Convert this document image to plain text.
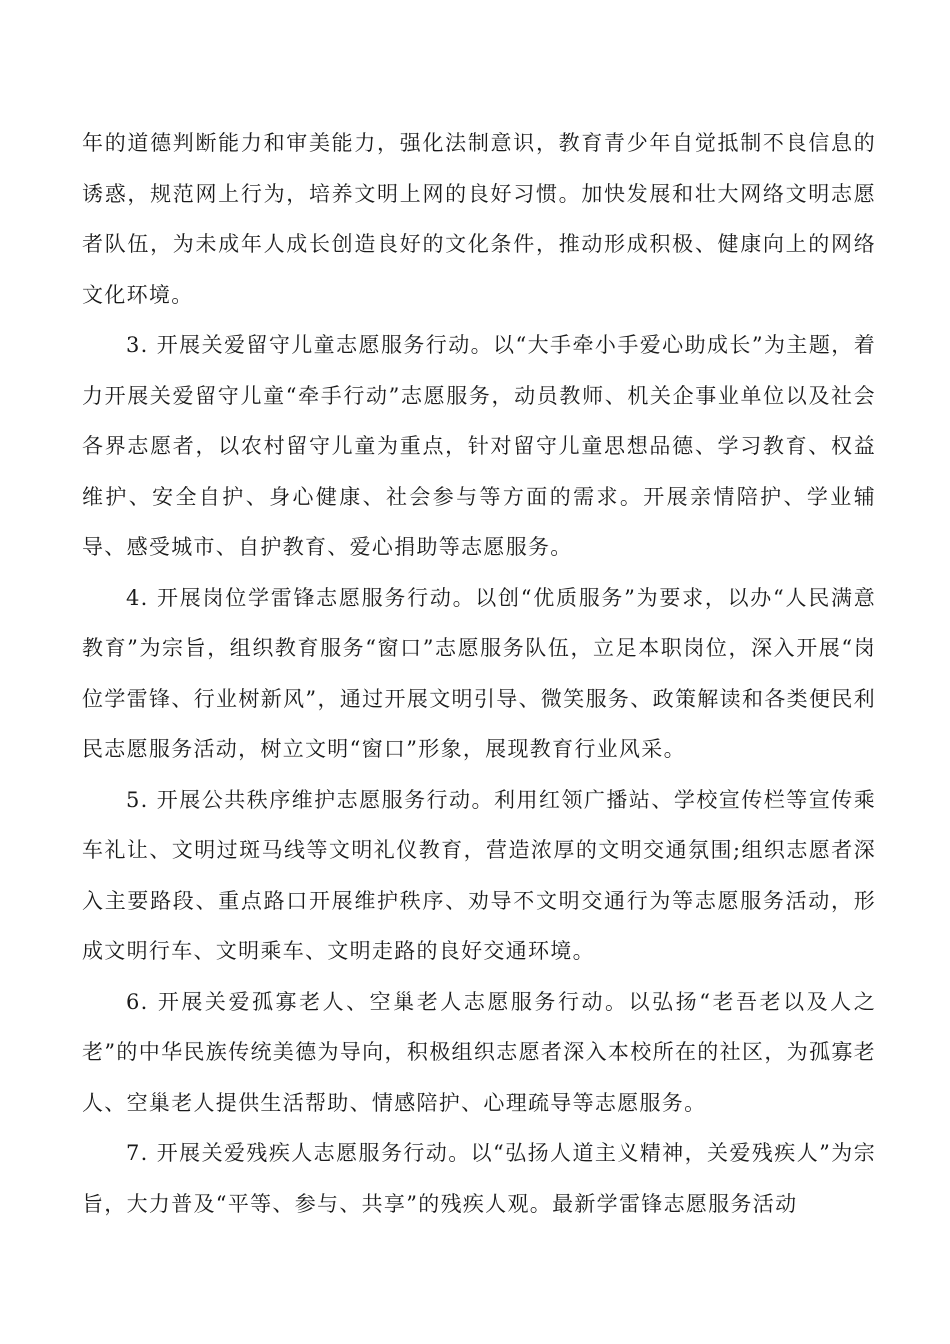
年的道德判断能力和审美能力，强化法制意识，教育青少年自觉抵制不良信息的诱惑，规范网上行为，培养文明上网的良好习惯。加快发展和壮大网络文明志愿者队伍，为未成年人成长创造良好的文化条件，推动形成积极、健康向上的网络文化环境。

3. 开展关爱留守儿童志愿服务行动。以“大手牵小手爱心助成长”为主题，着力开展关爱留守儿童“牵手行动”志愿服务，动员教师、机关企事业单位以及社会各界志愿者，以农村留守儿童为重点，针对留守儿童思想品德、学习教育、权益维护、安全自护、身心健康、社会参与等方面的需求。开展亲情陪护、学业辅导、感受城市、自护教育、爱心捐助等志愿服务。

4. 开展岗位学雷锋志愿服务行动。以创“优质服务”为要求，以办“人民满意教育”为宗旨，组织教育服务“窗口”志愿服务队伍，立足本职岗位，深入开展“岗位学雷锋、行业树新风”，通过开展文明引导、微笑服务、政策解读和各类便民利民志愿服务活动，树立文明“窗口”形象，展现教育行业风采。

5. 开展公共秩序维护志愿服务行动。利用红领广播站、学校宣传栏等宣传乘车礼让、文明过斑马线等文明礼仪教育，营造浓厚的文明交通氛围;组织志愿者深入主要路段、重点路口开展维护秩序、劝导不文明交通行为等志愿服务活动，形成文明行车、文明乘车、文明走路的良好交通环境。

6. 开展关爱孤寡老人、空巢老人志愿服务行动。以弘扬“老吾老以及人之老”的中华民族传统美德为导向，积极组织志愿者深入本校所在的社区，为孤寡老人、空巢老人提供生活帮助、情感陪护、心理疏导等志愿服务。

7. 开展关爱残疾人志愿服务行动。以“弘扬人道主义精神，关爱残疾人”为宗旨，大力普及“平等、参与、共享”的残疾人观。最新学雷锋志愿服务活动
